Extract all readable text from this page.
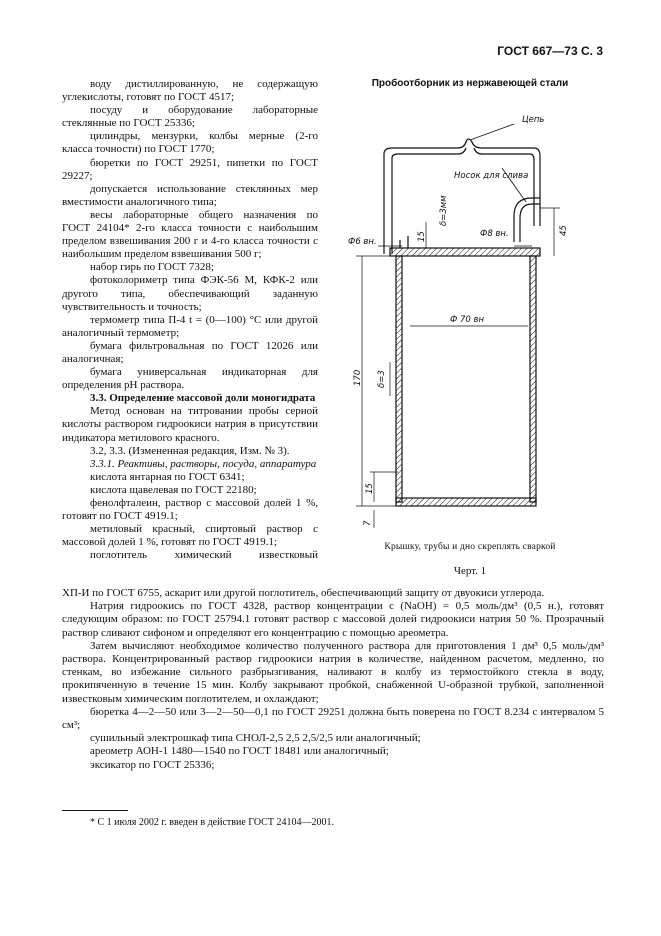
ГОСТ 667—73 С. 3

воду дистиллированную, не содержащую углекислоты, готовят по ГОСТ 4517;

посуду и оборудование лабораторные стеклянные по ГОСТ 25336;

цилиндры, мензурки, колбы мерные (2-го класса точности) по ГОСТ 1770;

бюретки по ГОСТ 29251, пипетки по ГОСТ 29227;

допускается использование стеклянных мер вместимости аналогичного типа;

весы лабораторные общего назначения по ГОСТ 24104* 2-го класса точности с наибольшим пределом взвешивания 200 г и 4-го класса точности с наибольшим пределом взвешивания 500 г;

набор гирь по ГОСТ 7328;

фотоколориметр типа ФЭК-56 М, КФК-2 или другого типа, обеспечивающий заданную чувствительность и точность;

термометр типа П-4 t = (0—100) °С или другой аналогичный термометр;

бумага фильтровальная по ГОСТ 12026 или аналогичная;

бумага универсальная индикаторная для определения pH раствора.

3.3. Определение массовой доли моногидрата

Метод основан на титровании пробы серной кислоты раствором гидроокиси натрия в присутствии индикатора метилового красного.

3.2, 3.3. (Измененная редакция, Изм. № 3).

3.3.1. Реактивы, растворы, посуда, аппаратура

кислота янтарная по ГОСТ 6341;

кислота щавелевая по ГОСТ 22180;

фенолфталеин, раствор с массовой долей 1 %, готовят по ГОСТ 4919.1;

метиловый красный, спиртовый раствор с массовой долей 1 %, готовят по ГОСТ 4919.1;

поглотитель химический известковый

Пробоотборник из нержавеющей стали
Цепь
Носок для слива
Ф6 вн.
Ф8 вн.
Ф 70 вн
δ=3мм
δ=3
15
45
170
15
7
Крышку, трубы и дно скреплять сваркой
Черт. 1

ХП-И по ГОСТ 6755, аскарит или другой поглотитель, обеспечивающий защиту от двуокиси углерода.

Натрия гидроокись по ГОСТ 4328, раствор концентрации c (NaOH) = 0,5 моль/дм³ (0,5 н.), готовят следующим образом: по ГОСТ 25794.1 готовят раствор с массовой долей гидроокиси натрия 50 %. Прозрачный раствор сливают сифоном и определяют его концентрацию с помощью ареометра.

Затем вычисляют необходимое количество полученного раствора для приготовления 1 дм³ 0,5 моль/дм³ раствора. Концентрированный раствор гидроокиси натрия в количестве, найденном расчетом, медленно, по стенкам, во избежание сильного разбрызгивания, наливают в колбу из термостойкого стекла в воду, прокипяченную в течение 15 мин. Колбу закрывают пробкой, снабженной U-образной трубкой, заполненной известковым химическим поглотителем, и охлаждают;

бюретка 4—2—50 или 3—2—50—0,1 по ГОСТ 29251 должна быть поверена по ГОСТ 8.234 с интервалом 5 см³;

сушильный электрошкаф типа СНОЛ-2,5 2,5 2,5/2,5 или аналогичный;

ареометр АОН-1 1480—1540 по ГОСТ 18481 или аналогичный;

эксикатор по ГОСТ 25336;

* С 1 июля 2002 г. введен в действие ГОСТ 24104—2001.
